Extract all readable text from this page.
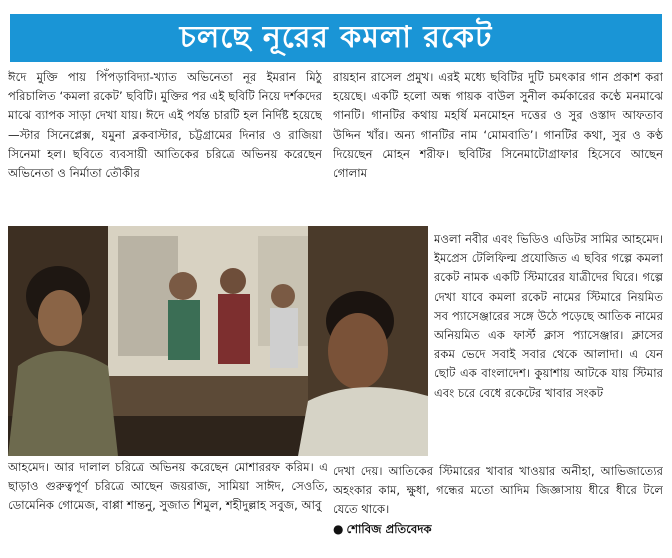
চলছে নূরের কমলা রকেট

ঈদে মুক্তি পায় পিঁপড়াবিদ্যা-খ্যাত অভিনেতা নূর ইমরান মিঠু পরিচালিত ‘কমলা রকেট’ ছবিটি। মুক্তির পর এই ছবিটি নিয়ে দর্শকদের মাঝে ব্যাপক সাড়া দেখা যায়। ঈদে এই পর্যন্ত চারটি হল নির্দিষ্ট হয়েছে—স্টার সিনেপ্লেক্স, যমুনা ব্লকবাস্টার, চট্টগ্রামের দিনার ও রাজিয়া সিনেমা হল। ছবিতে ব্যবসায়ী আতিকের চরিত্রে অভিনয় করেছেন অভিনেতা ও নির্মাতা তৌকীর

রায়হান রাসেল প্রমুখ। এরই মধ্যে ছবিটির দুটি চমৎকার গান প্রকাশ করা হয়েছে। একটি হলো অন্ধ গায়ক বাউল সুনীল কর্মকারের কণ্ঠে মনমাঝে গানটি। গানটির কথায় মহর্ষি মনমোহন দত্তের ও সুর ওস্তাদ আফতাব উদ্দিন খাঁর। অন্য গানটির নাম ‘মোমবাতি’। গানটির কথা, সুর ও কণ্ঠ দিয়েছেন মোহন শরীফ। ছবিটির সিনেমাটোগ্রাফার হিসেবে আছেন গোলাম

মওলা নবীর এবং ভিডিও এডিটর সামির আহমেদ। ইমপ্রেস টেলিফিল্ম প্রযোজিত এ ছবির গল্পে কমলা রকেট নামক একটি স্টিমারের যাত্রীদের ঘিরে। গল্পে দেখা যাবে কমলা রকেট নামের স্টিমারে নিয়মিত সব প্যাসেঞ্জারের সঙ্গে উঠে পড়েছে আতিক নামের অনিয়মিত এক ফার্স্ট ক্লাস প্যাসেঞ্জার। ক্লাসের রকম ভেদে সবাই সবার থেকে আলাদা। এ যেন ছোট এক বাংলাদেশ। কুয়াশায় আটকে যায় স্টিমার এবং চরে বেধে রকেটের খাবার সংকট

আহমেদ। আর দালাল চরিত্রে অভিনয় করেছেন মোশাররফ করিম। এ ছাড়াও গুরুত্বপূর্ণ চরিত্রে আছেন জয়রাজ, সামিয়া সাঈদ, সেওতি, ডোমেনিক গোমেজ, বাপ্পা শান্তনু, সুজাত শিমুল, শহীদুল্লাহ সবুজ, আবু

দেখা দেয়। আতিকের স্টিমারের খাবার খাওয়ার অনীহা, আভিজাত্যের অহংকার কাম, ক্ষুধা, গন্ধের মতো আদিম জিজ্ঞাসায় ধীরে ধীরে টলে যেতে থাকে।

● শোবিজ প্রতিবেদক
